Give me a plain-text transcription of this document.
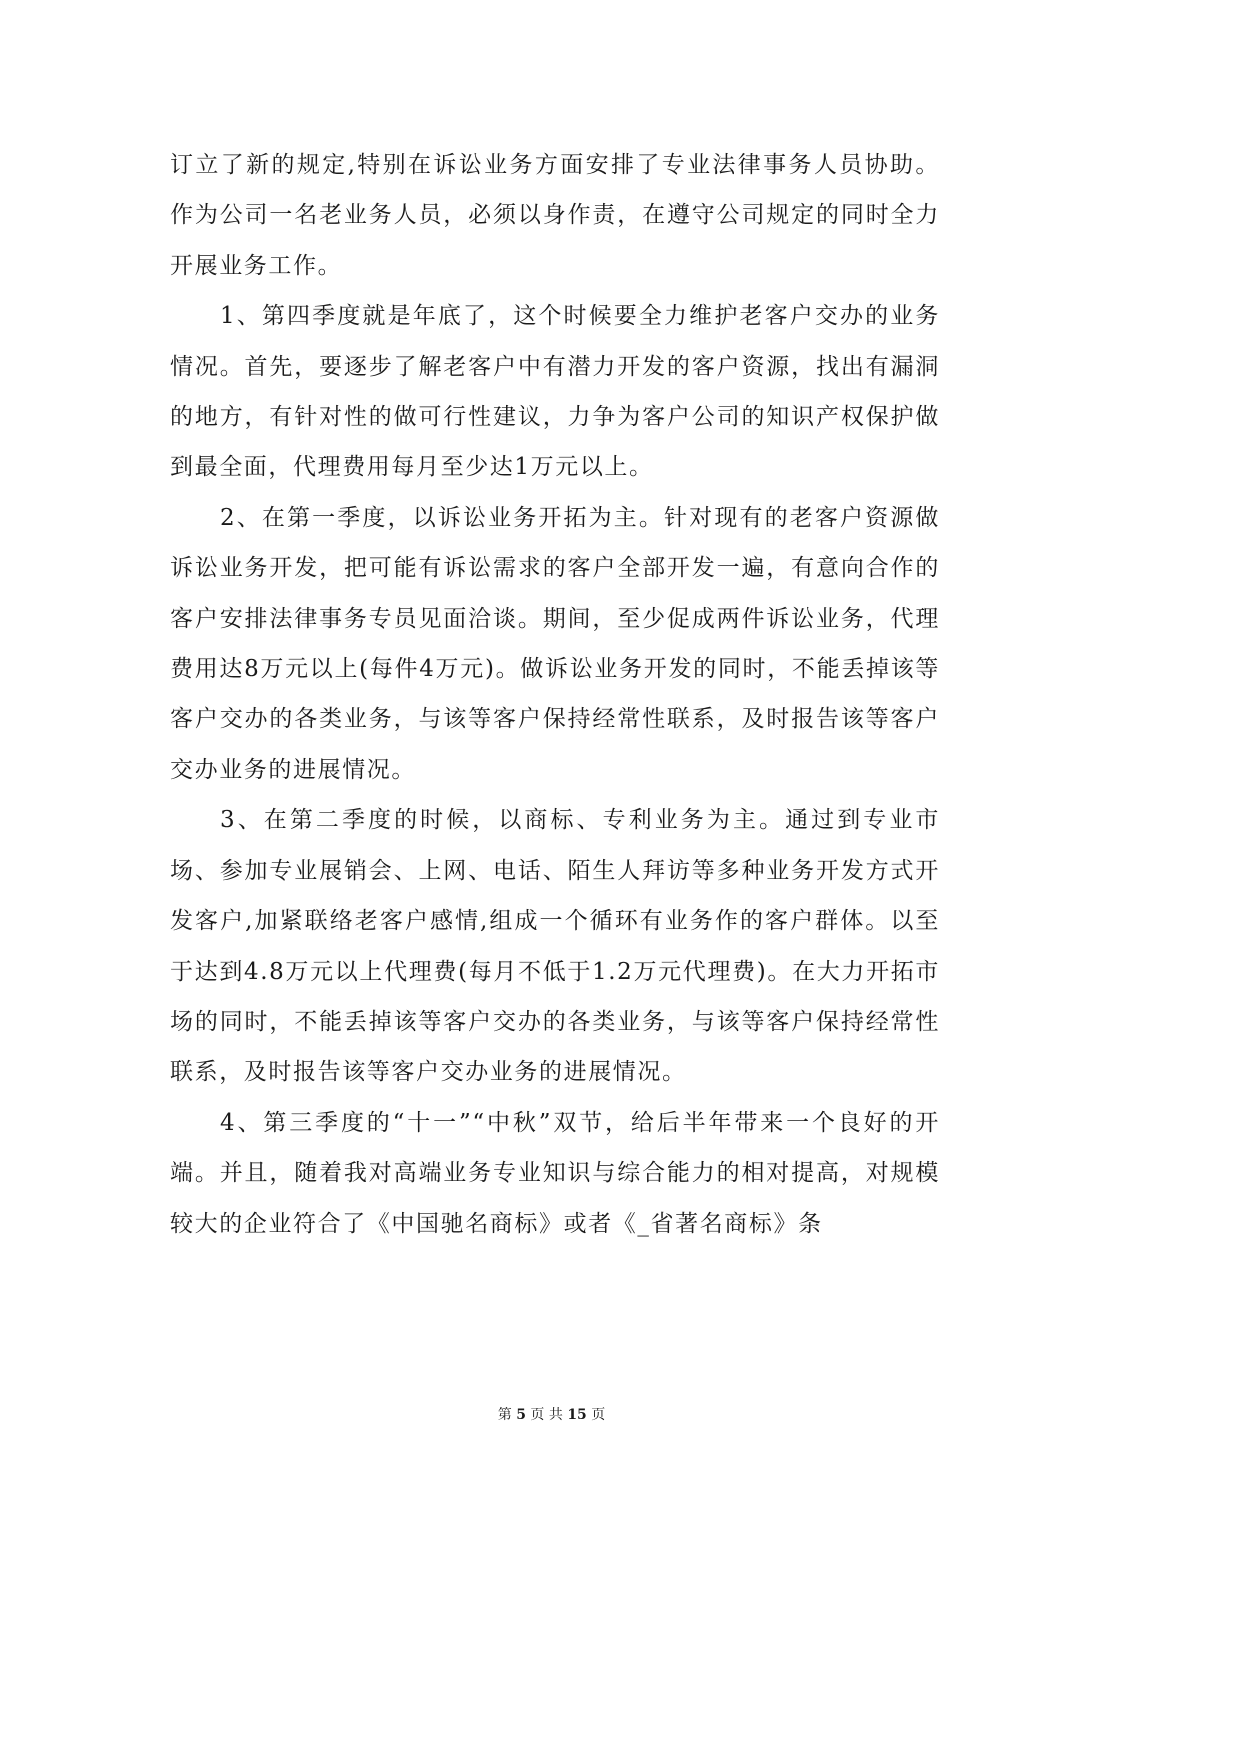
订立了新的规定,特别在诉讼业务方面安排了专业法律事务人员协助。作为公司一名老业务人员，必须以身作责，在遵守公司规定的同时全力开展业务工作。

1、第四季度就是年底了，这个时候要全力维护老客户交办的业务情况。首先，要逐步了解老客户中有潜力开发的客户资源，找出有漏洞的地方，有针对性的做可行性建议，力争为客户公司的知识产权保护做到最全面，代理费用每月至少达1万元以上。

2、在第一季度，以诉讼业务开拓为主。针对现有的老客户资源做诉讼业务开发，把可能有诉讼需求的客户全部开发一遍，有意向合作的客户安排法律事务专员见面洽谈。期间，至少促成两件诉讼业务，代理费用达8万元以上(每件4万元)。做诉讼业务开发的同时，不能丢掉该等客户交办的各类业务，与该等客户保持经常性联系，及时报告该等客户交办业务的进展情况。

3、在第二季度的时候，以商标、专利业务为主。通过到专业市场、参加专业展销会、上网、电话、陌生人拜访等多种业务开发方式开发客户,加紧联络老客户感情,组成一个循环有业务作的客户群体。以至于达到4.8万元以上代理费(每月不低于1.2万元代理费)。在大力开拓市场的同时，不能丢掉该等客户交办的各类业务，与该等客户保持经常性联系，及时报告该等客户交办业务的进展情况。

4、第三季度的“十一”“中秋”双节，给后半年带来一个良好的开端。并且，随着我对高端业务专业知识与综合能力的相对提高，对规模较大的企业符合了《中国驰名商标》或者《_省著名商标》条

第 5 页 共 15 页
